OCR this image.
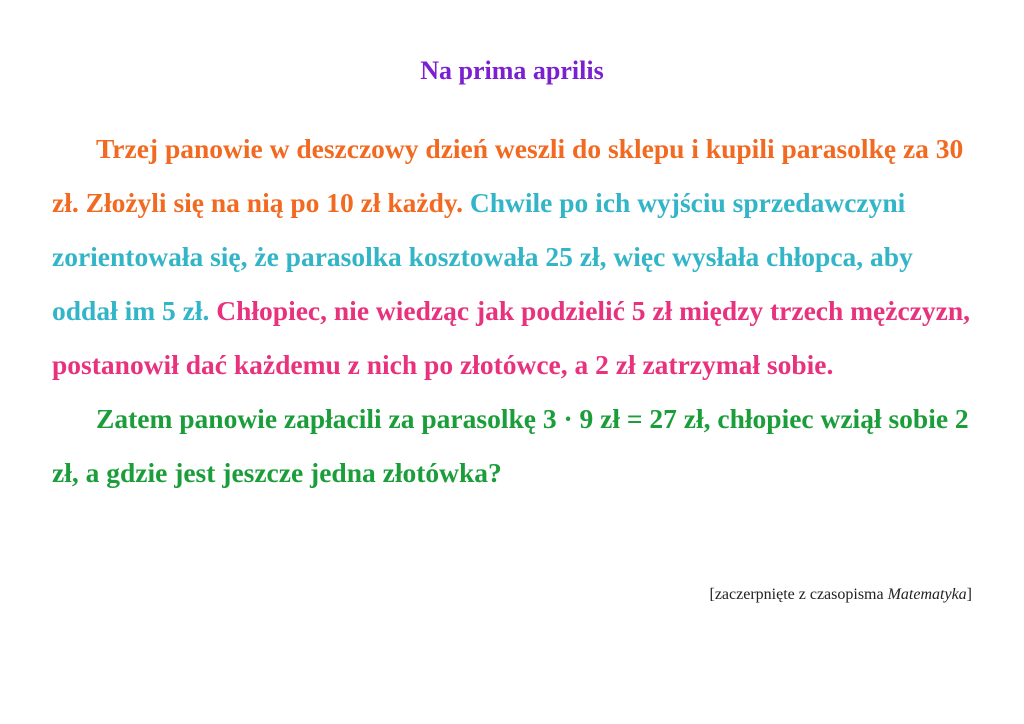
Na prima aprilis

Trzej panowie w deszczowy dzień weszli do sklepu i kupili parasolkę za 30 zł. Złożyli się na nią po 10 zł każdy. Chwile po ich wyjściu sprzedawczyni zorientowała się, że parasolka kosztowała 25 zł, więc wysłała chłopca, aby oddał im 5 zł. Chłopiec, nie wiedząc jak podzielić 5 zł między trzech mężczyzn, postanowił dać każdemu z nich po złotówce, a 2 zł zatrzymał sobie.

Zatem panowie zapłacili za parasolkę 3 · 9 zł = 27 zł, chłopiec wziął sobie 2 zł, a gdzie jest jeszcze jedna złotówka?

[zaczerpnięte z czasopisma Matematyka]
